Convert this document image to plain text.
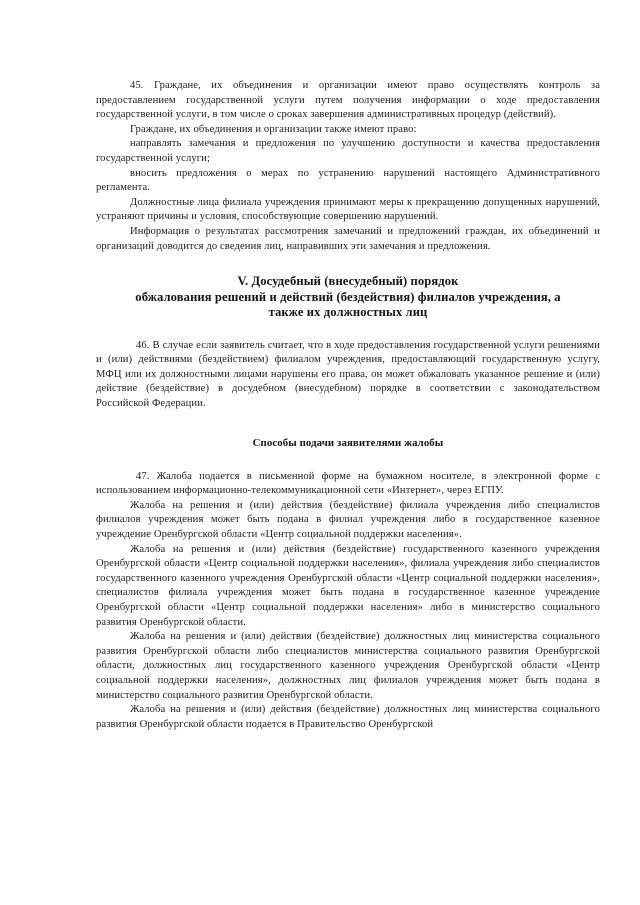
45. Граждане, их объединения и организации имеют право осуществлять контроль за предоставлением государственной услуги путем получения информации о ходе предоставления государственной услуги, в том числе о сроках завершения административных процедур (действий).

Граждане, их объединения и организации также имеют право:

направлять замечания и предложения по улучшению доступности и качества предоставления государственной услуги;

вносить предложения о мерах по устранению нарушений настоящего Административного регламента.

Должностные лица филиала учреждения принимают меры к прекращению допущенных нарушений, устраняют причины и условия, способствующие совершению нарушений.

Информация о результатах рассмотрения замечаний и предложений граждан, их объединений и организаций доводится до сведения лиц, направивших эти замечания и предложения.

V. Досудебный (внесудебный) порядок
обжалования решений и действий (бездействия) филиалов учреждения, а
также их должностных лиц

46. В случае если заявитель считает, что в ходе предоставления государственной услуги решениями и (или) действиями (бездействием) филиалом учреждения, предоставляющий государственную услугу, МФЦ или их должностными лицами нарушены его права, он может обжаловать указанное решение и (или) действие (бездействие) в досудебном (внесудебном) порядке в соответствии с законодательством Российской Федерации.

Способы подачи заявителями жалобы

47. Жалоба подается в письменной форме на бумажном носителе, в электронной форме с использованием информационно-телекоммуникационной сети «Интернет», через ЕГПУ.

Жалоба на решения и (или) действия (бездействие) филиала учреждения либо специалистов филиалов учреждения может быть подана в филиал учреждения либо в государственное казенное учреждение Оренбургской области «Центр социальной поддержки населения».

Жалоба на решения и (или) действия (бездействие) государственного казенного учреждения Оренбургской области «Центр социальной поддержки населения», филиала учреждения либо специалистов государственного казенного учреждения Оренбургской области «Центр социальной поддержки населения», специалистов филиала учреждения может быть подана в государственное казенное учреждение Оренбургской области «Центр социальной поддержки населения» либо в министерство социального развития Оренбургской области.

Жалоба на решения и (или) действия (бездействие) должностных лиц министерства социального развития Оренбургской области либо специалистов министерства социального развития Оренбургской области, должностных лиц государственного казенного учреждения Оренбургской области «Центр социальной поддержки населения», должностных лиц филиалов учреждения может быть подана в министерство социального развития Оренбургской области.

Жалоба на решения и (или) действия (бездействие) должностных лиц министерства социального развития Оренбургской области подается в Правительство Оренбургской
